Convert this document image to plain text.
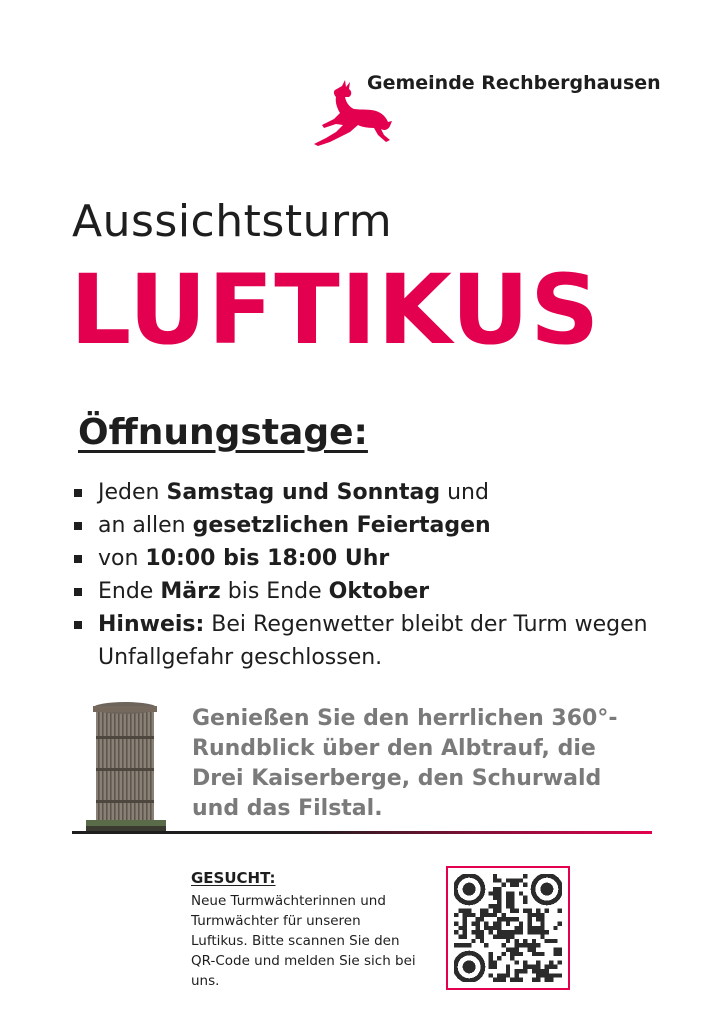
Gemeinde Rechberghausen
Aussichtsturm
LUFTIKUS
Öffnungstage:
Jeden Samstag und Sonntag und
an allen gesetzlichen Feiertagen
von 10:00 bis 18:00 Uhr
Ende März bis Ende Oktober
Hinweis: Bei Regenwetter bleibt der Turm wegen Unfallgefahr geschlossen.
Genießen Sie den herrlichen 360°-Rundblick über den Albtrauf, die Drei Kaiserberge, den Schurwald und das Filstal.
GESUCHT:
Neue Turmwächterinnen und Turmwächter für unseren Luftikus. Bitte scannen Sie den QR-Code und melden Sie sich bei uns.
